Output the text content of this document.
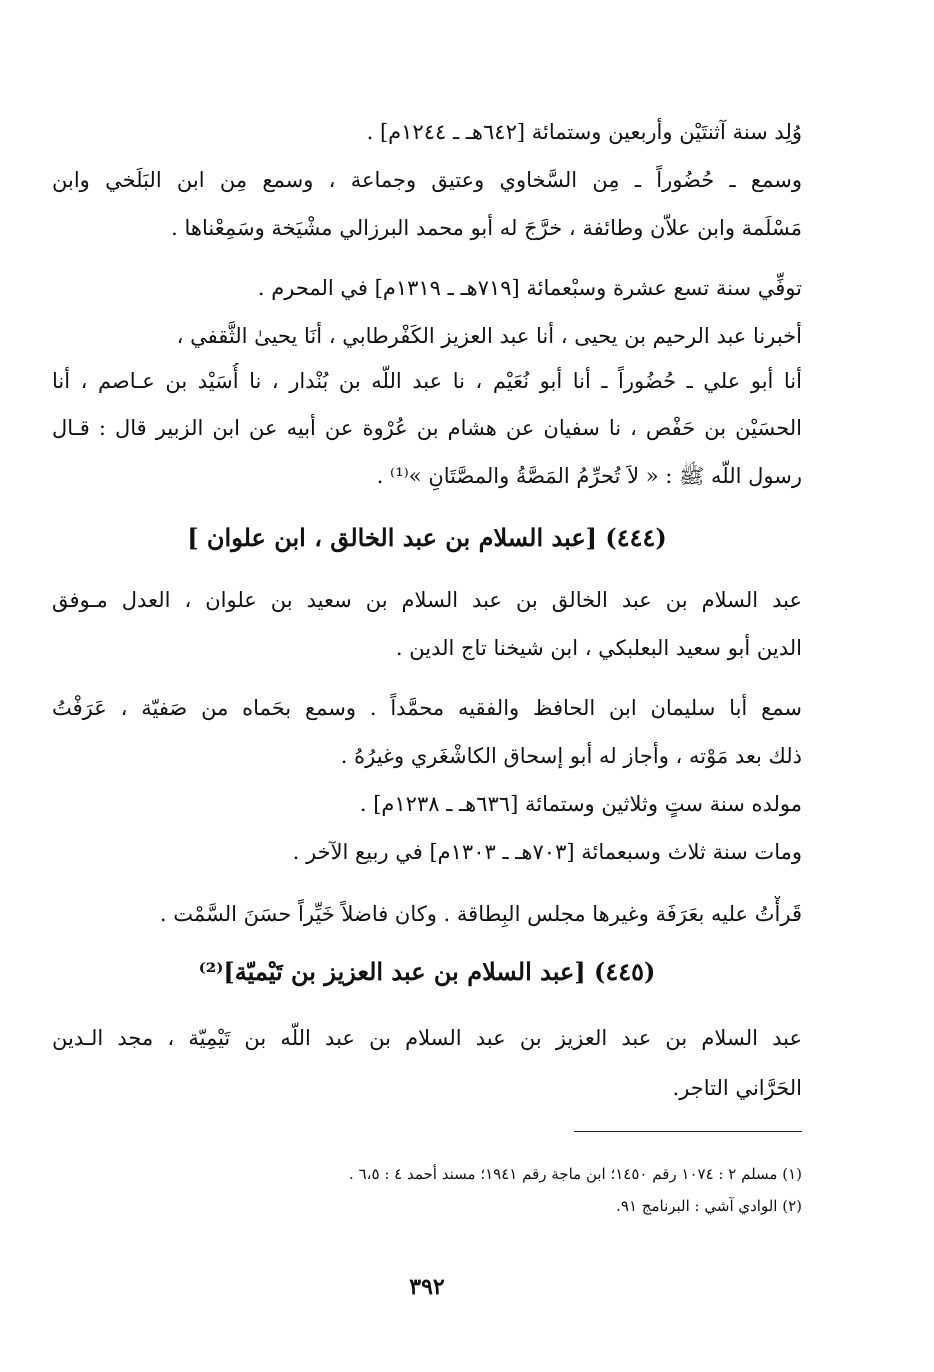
وُلِد سنة آثنتَيْن وأربعين وستمائة [٦٤٢هـ ـ ١٢٤٤م] .
وسمع ـ حُضُوراً ـ مِن السَّخاوي وعتيق وجماعة ، وسمع مِن ابن البَلَخي وابن
مَسْلَمة وابن علاّن وطائفة ، خرَّجَ له أبو محمد البرزالي مشْيَخة وسَمِعْناها .
توفِّي سنة تسع عشرة وسبْعمائة [٧١٩هـ ـ ١٣١٩م] في المحرم .
أخبرنا عبد الرحيم بن يحيى ، أنا عبد العزيز الكَفْرطابي ، أنَا يحيىٰ الثَّقفي ،
أنا أبو علي ـ حُضُوراً ـ أنا أبو نُعَيْم ، نا عبد اللّه بن بُنْدار ، نا أُسَيْد بن عـاصم ، أنا
الحسَيْن بن حَفْص ، نا سفيان عن هشام بن عُرْوة عن أبيه عن ابن الزبير قال : قـال
رسول اللّه ﷺ : « لاَ تُحرِّمُ المَصَّةُ والمصَّتَانِ »⁽¹⁾ .
(٤٤٤) [عبد السلام بن عبد الخالق ، ابن علوان ]
عبد السلام بن عبد الخالق بن عبد السلام بن سعيد بن علوان ، العدل مـوفق
الدين أبو سعيد البعلبكي ، ابن شيخنا تاج الدين .
سمع أبا سليمان ابن الحافظ والفقيه محمَّداً . وسمع بحَماه من صَفيّة ، عَرَفْتُ
ذلك بعد مَوْته ، وأجاز له أبو إسحاق الكاشْغَري وغيرُهُ .
مولده سنة ستٍ وثلاثين وستمائة [٦٣٦هـ ـ ١٢٣٨م] .
ومات سنة ثلاث وسبعمائة [٧٠٣هـ ـ ١٣٠٣م] في ربيع الآخر .
قَرأْتُ عليه بعَرَفَة وغيرها مجلس البِطاقة . وكان فاضلاً خَيِّراً حسَنَ السَّمْت .
(٤٤٥) [عبد السلام بن عبد العزيز بن تَيْميّة]⁽²⁾
عبد السلام بن عبد العزيز بن عبد السلام بن عبد اللّه بن تَيْمِيّة ، مجد الـدين
الحَرَّاني التاجر.
(١) مسلم ٢ : ١٠٧٤ رقم ١٤٥٠؛ ابن ماجة رقم ١٩٤١؛ مسند أحمد ٤ : ٦،٥ .
(٢) الوادي آشي : البرنامج ٩١.
٣٩٢
